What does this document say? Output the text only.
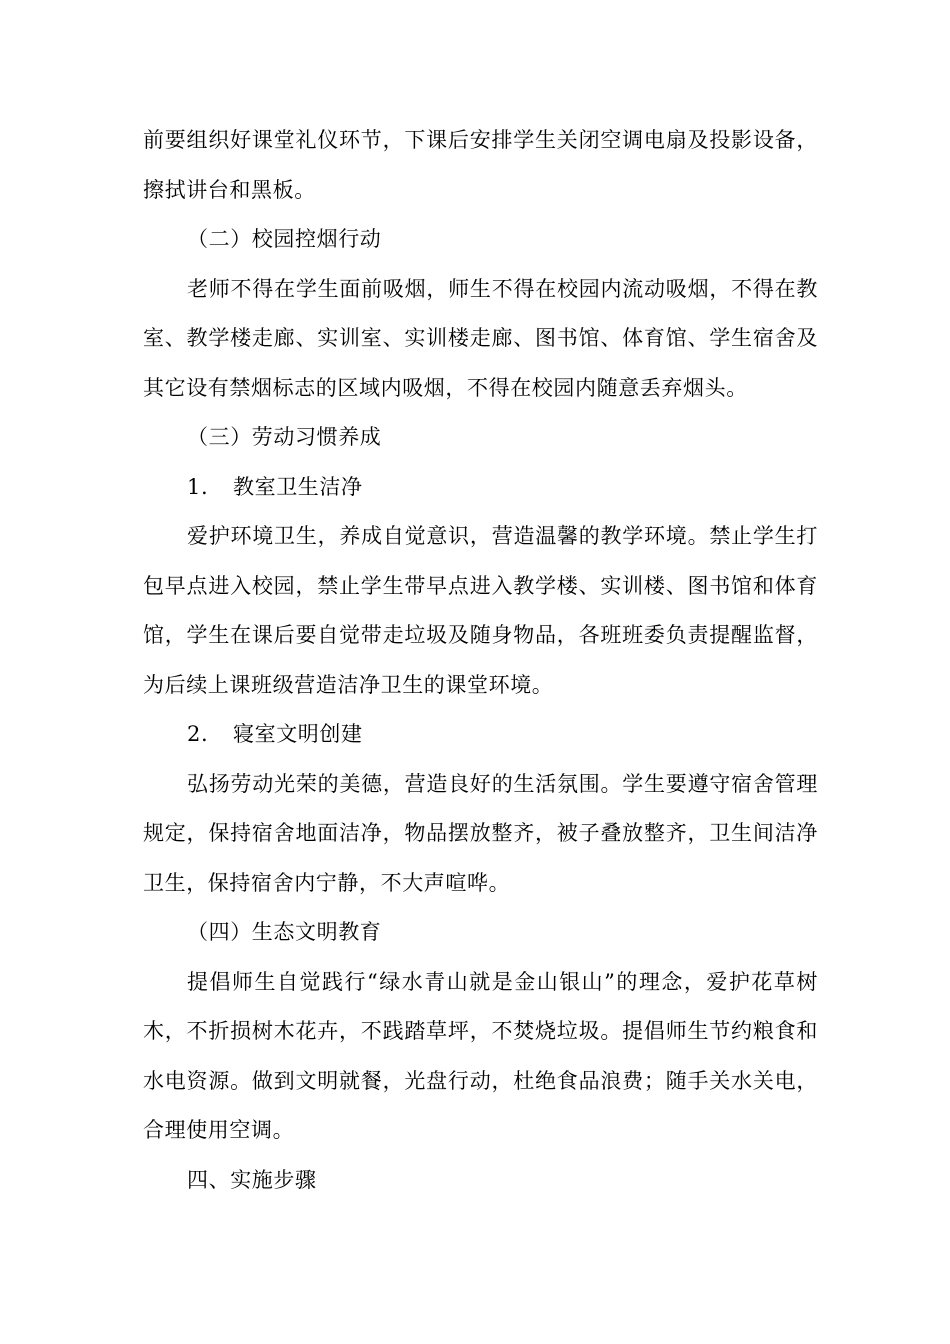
前要组织好课堂礼仪环节，下课后安排学生关闭空调电扇及投影设备，擦拭讲台和黑板。

（二）校园控烟行动

老师不得在学生面前吸烟，师生不得在校园内流动吸烟，不得在教室、教学楼走廊、实训室、实训楼走廊、图书馆、体育馆、学生宿舍及其它设有禁烟标志的区域内吸烟，不得在校园内随意丢弃烟头。

（三）劳动习惯养成

1. 教室卫生洁净

爱护环境卫生，养成自觉意识，营造温馨的教学环境。禁止学生打包早点进入校园，禁止学生带早点进入教学楼、实训楼、图书馆和体育馆，学生在课后要自觉带走垃圾及随身物品，各班班委负责提醒监督，为后续上课班级营造洁净卫生的课堂环境。

2. 寝室文明创建

弘扬劳动光荣的美德，营造良好的生活氛围。学生要遵守宿舍管理规定，保持宿舍地面洁净，物品摆放整齐，被子叠放整齐，卫生间洁净卫生，保持宿舍内宁静，不大声喧哗。

（四）生态文明教育

提倡师生自觉践行“绿水青山就是金山银山”的理念，爱护花草树木，不折损树木花卉，不践踏草坪，不焚烧垃圾。提倡师生节约粮食和水电资源。做到文明就餐，光盘行动，杜绝食品浪费；随手关水关电，合理使用空调。

四、实施步骤
